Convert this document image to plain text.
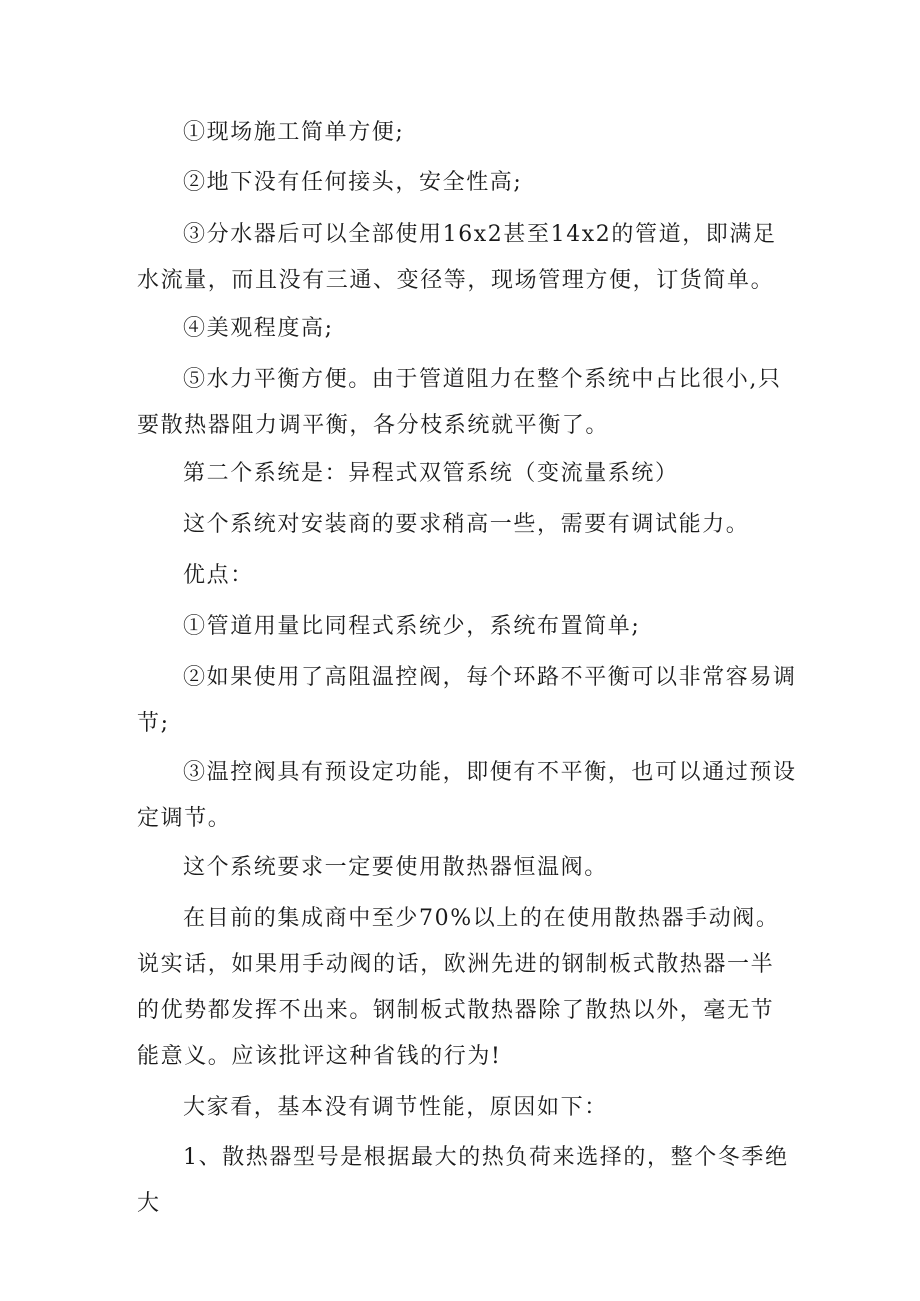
①现场施工简单方便;

②地下没有任何接头，安全性高;

③分水器后可以全部使用16x2甚至14x2的管道，即满足水流量，而且没有三通、变径等，现场管理方便，订货简单。

④美观程度高;

⑤水力平衡方便。由于管道阻力在整个系统中占比很小,只要散热器阻力调平衡，各分枝系统就平衡了。

第二个系统是：异程式双管系统（变流量系统）

这个系统对安装商的要求稍高一些，需要有调试能力。

优点：

①管道用量比同程式系统少，系统布置简单;

②如果使用了高阻温控阀，每个环路不平衡可以非常容易调节;

③温控阀具有预设定功能，即便有不平衡，也可以通过预设定调节。

这个系统要求一定要使用散热器恒温阀。

在目前的集成商中至少70%以上的在使用散热器手动阀。说实话，如果用手动阀的话，欧洲先进的钢制板式散热器一半的优势都发挥不出来。钢制板式散热器除了散热以外，毫无节能意义。应该批评这种省钱的行为!

大家看，基本没有调节性能，原因如下：

1、散热器型号是根据最大的热负荷来选择的，整个冬季绝大
